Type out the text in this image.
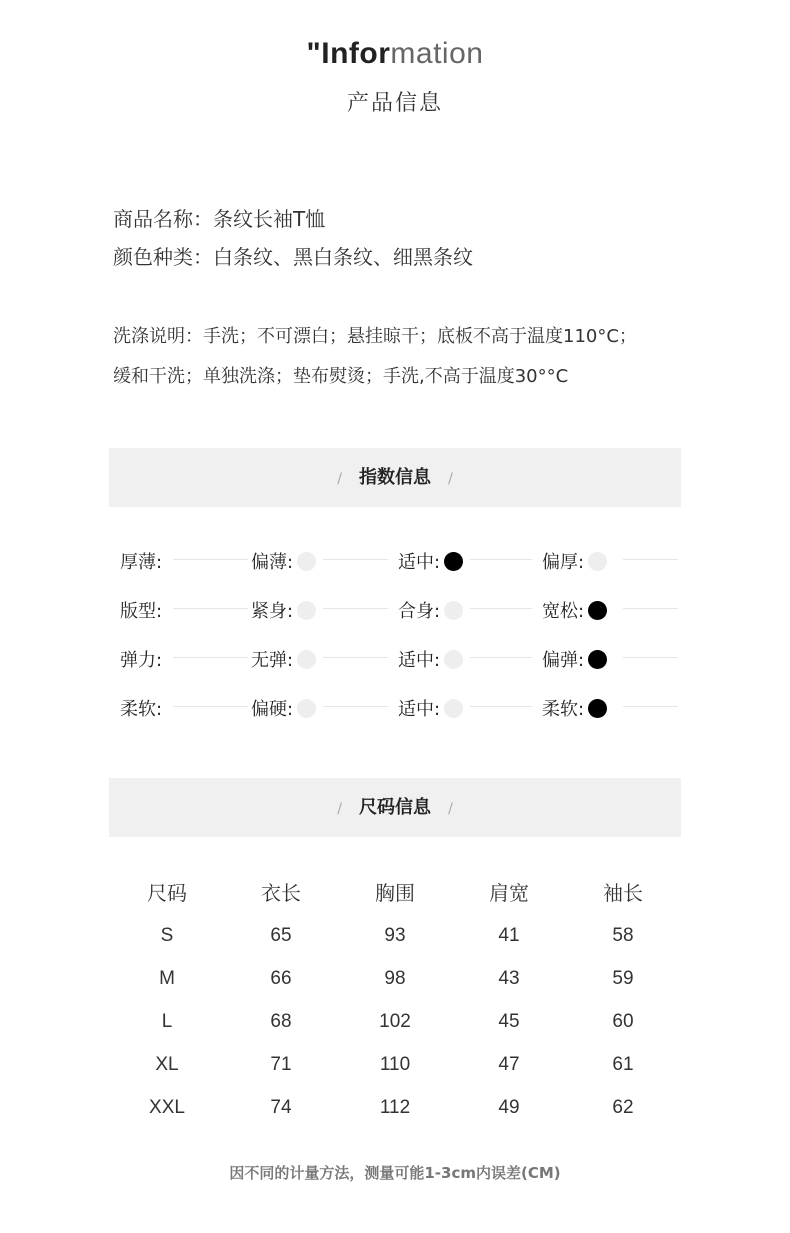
"Information
产品信息
商品名称：条纹长袖T恤
颜色种类：白条纹、黑白条纹、细黑条纹
洗涤说明：手洗；不可漂白；悬挂晾干；底板不高于温度110°C；
缓和干洗；单独洗涤；垫布熨烫；手洗,不高于温度30°°C
/ 指数信息 /
厚薄:	偏薄:	适中:	偏厚:
版型:	紧身:	合身:	宽松:
弹力:	无弹:	适中:	偏弹:
柔软:	偏硬:	适中:	柔软:
/ 尺码信息 /
尺码	衣长	胸围	肩宽	袖长
S	65	93	41	58
M	66	98	43	59
L	68	102	45	60
XL	71	110	47	61
XXL	74	112	49	62
因不同的计量方法，测量可能1-3cm内误差(CM)
